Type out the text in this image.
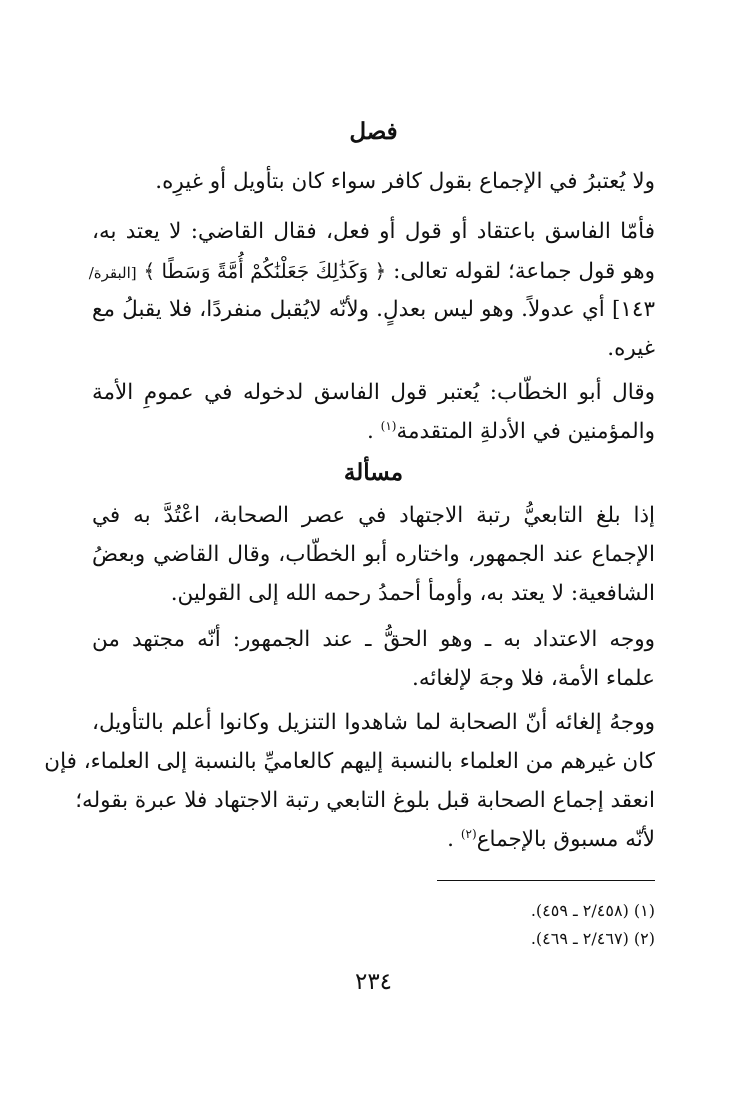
فصل
ولا يُعتبرُ في الإجماع بقول كافر سواء كان بتأويل أو غيرِه.
فأمّا الفاسق باعتقاد أو قول أو فعل، فقال القاضي: لا يعتد به،
وهو قول جماعة؛ لقوله تعالى: ﴿ وَكَذَٰلِكَ جَعَلْنَٰكُمْ أُمَّةً وَسَطًا ﴾ [البقرة/
١٤٣] أي عدولاً. وهو ليس بعدلٍ. ولأنّه لايُقبل منفردًا، فلا يقبلُ مع
غيره.
وقال أبو الخطّاب: يُعتبر قول الفاسق لدخوله في عمومِ الأمة
والمؤمنين في الأدلةِ المتقدمة$^{(١)}$ .
مسألة
إذا بلغ التابعيُّ رتبة الاجتهاد في عصر الصحابة، اعْتُدَّ به في
الإجماع عند الجمهور، واختاره أبو الخطّاب، وقال القاضي وبعضُ
الشافعية: لا يعتد به، وأومأ أحمدُ رحمه الله إلى القولين.
ووجه الاعتداد به ـ وهو الحقُّ ـ عند الجمهور: أنّه مجتهد من
علماء الأمة، فلا وجهَ لإلغائه.
ووجهُ إلغائه أنّ الصحابة لما شاهدوا التنزيل وكانوا أعلم بالتأويل،
كان غيرهم من العلماء بالنسبة إليهم كالعاميِّ بالنسبة إلى العلماء، فإن
انعقد إجماع الصحابة قبل بلوغ التابعي رتبة الاجتهاد فلا عبرة بقوله؛
لأنّه مسبوق بالإجماع$^{(٢)}$ .
(١) (٢/٤٥٨ ـ ٤٥٩).
(٢) (٢/٤٦٧ ـ ٤٦٩).
٢٣٤
